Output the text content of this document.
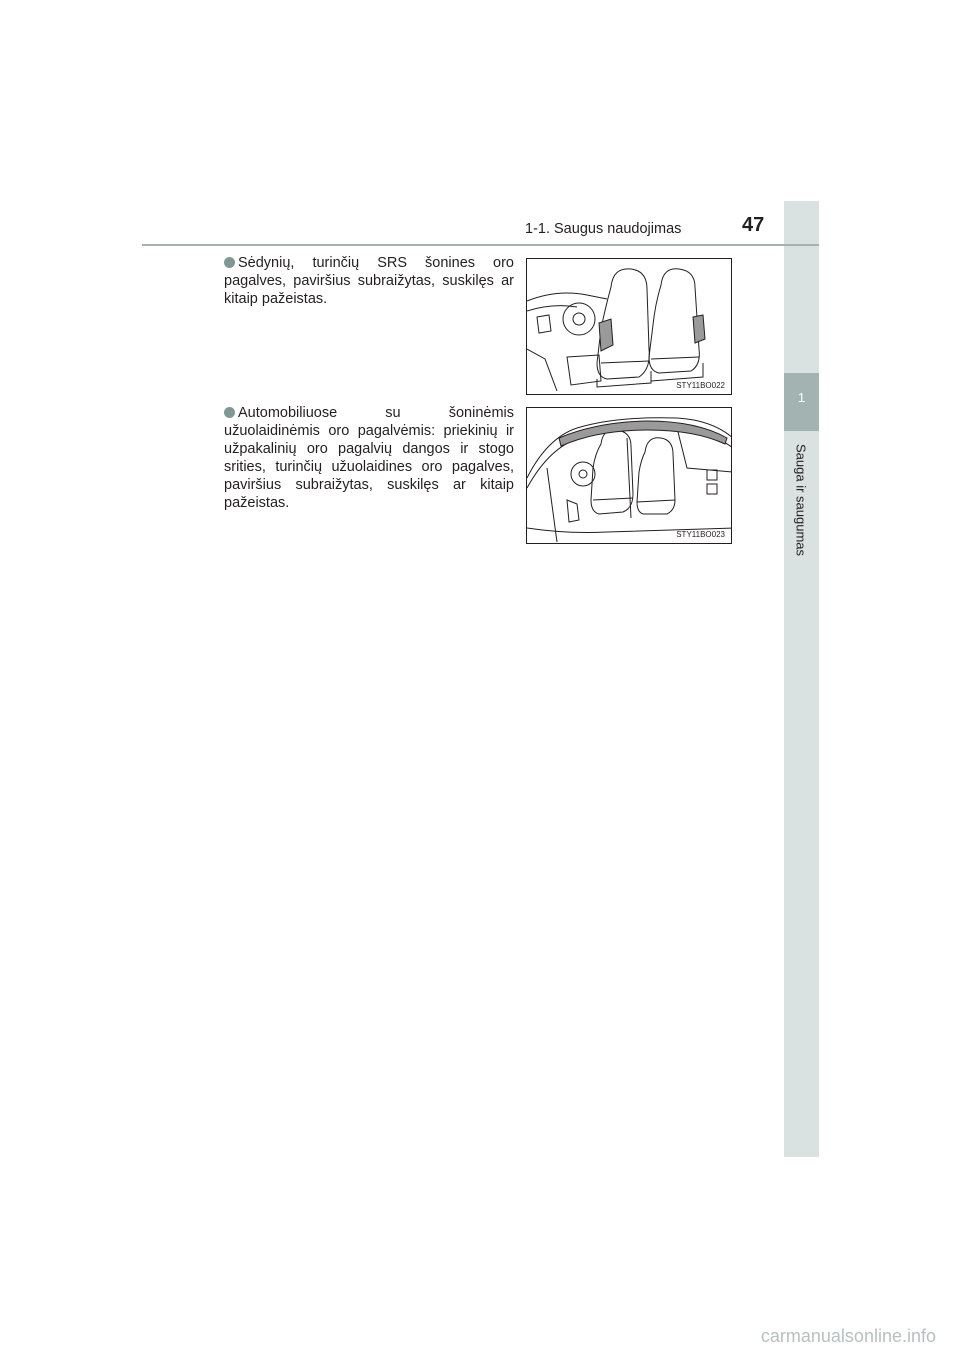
1
Sauga ir saugumas
1-1. Saugus naudojimas	47
Sėdynių, turinčių SRS šonines oro pagalves, paviršius subraižytas, suskilęs ar kitaip pažeistas.
STY11BO022
Automobiliuose su šoninėmis užuolaidinėmis oro pagalvėmis: priekinių ir užpakalinių oro pagalvių dangos ir stogo srities, turinčių užuolaidines oro pagalves, paviršius subraižytas, suskilęs ar kitaip pažeistas.
STY11BO023
carmanualsonline.info
